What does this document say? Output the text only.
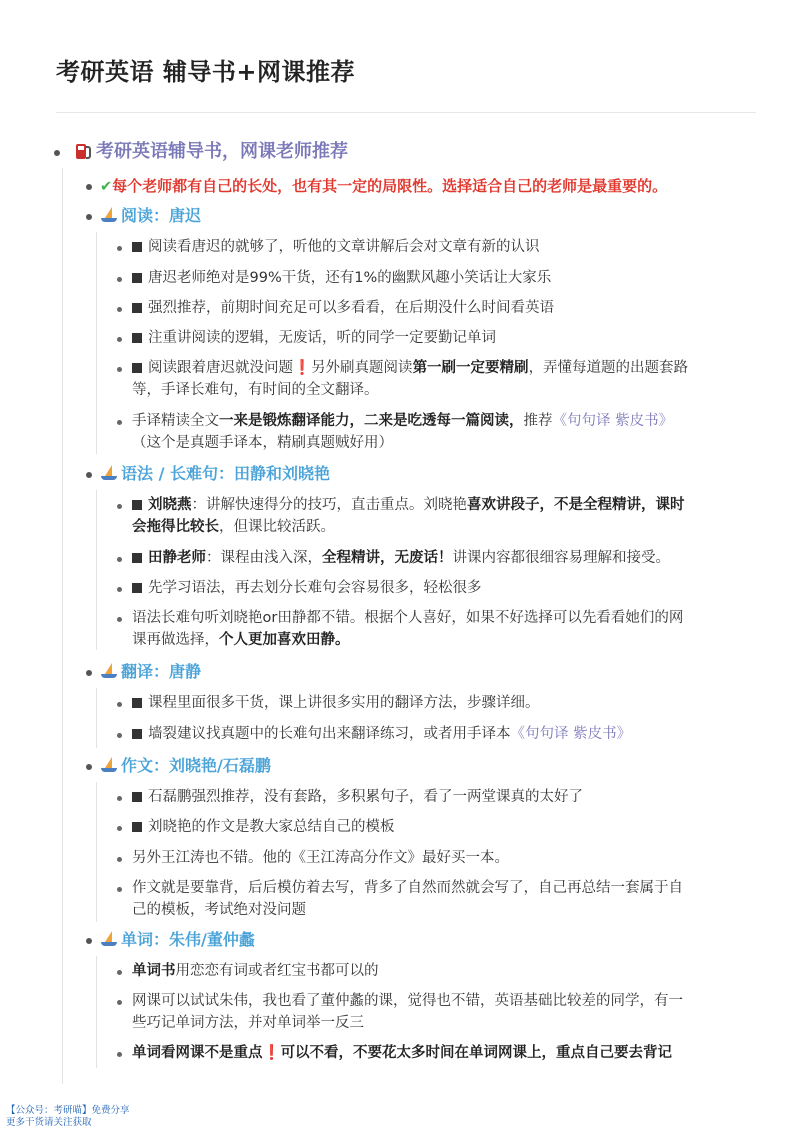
考研英语 辅导书+网课推荐
考研英语辅导书，网课老师推荐
✔每个老师都有自己的长处，也有其一定的局限性。选择适合自己的老师是最重要的。
阅读：唐迟
阅读看唐迟的就够了，听他的文章讲解后会对文章有新的认识
唐迟老师绝对是99%干货，还有1%的幽默风趣小笑话让大家乐
强烈推荐，前期时间充足可以多看看，在后期没什么时间看英语
注重讲阅读的逻辑，无废话，听的同学一定要勤记单词
阅读跟着唐迟就没问题❗另外刷真题阅读第一刷一定要精刷，弄懂每道题的出题套路
等，手译长难句，有时间的全文翻译。
手译精读全文一来是锻炼翻译能力，二来是吃透每一篇阅读，推荐《句句译 紫皮书》
（这个是真题手译本，精刷真题贼好用）
语法 / 长难句：田静和刘晓艳
刘晓燕：讲解快速得分的技巧，直击重点。刘晓艳喜欢讲段子，不是全程精讲，课时
会拖得比较长，但课比较活跃。
田静老师：课程由浅入深，全程精讲，无废话！讲课内容都很细容易理解和接受。
先学习语法，再去划分长难句会容易很多，轻松很多
语法长难句听刘晓艳or田静都不错。根据个人喜好，如果不好选择可以先看看她们的网
课再做选择，个人更加喜欢田静。
翻译：唐静
课程里面很多干货，课上讲很多实用的翻译方法，步骤详细。
墙裂建议找真题中的长难句出来翻译练习，或者用手译本《句句译 紫皮书》
作文：刘晓艳/石磊鹏
石磊鹏强烈推荐，没有套路，多积累句子，看了一两堂课真的太好了
刘晓艳的作文是教大家总结自己的模板
另外王江涛也不错。他的《王江涛高分作文》最好买一本。
作文就是要靠背，后后模仿着去写，背多了自然而然就会写了，自己再总结一套属于自
己的模板，考试绝对没问题
单词：朱伟/董仲蠡
单词书用恋恋有词或者红宝书都可以的
网课可以试试朱伟，我也看了董仲蠡的课，觉得也不错，英语基础比较差的同学，有一
些巧记单词方法，并对单词举一反三
单词看网课不是重点❗可以不看，不要花太多时间在单词网课上，重点自己要去背记
【公众号：考研喵】免费分享
更多干货请关注获取
